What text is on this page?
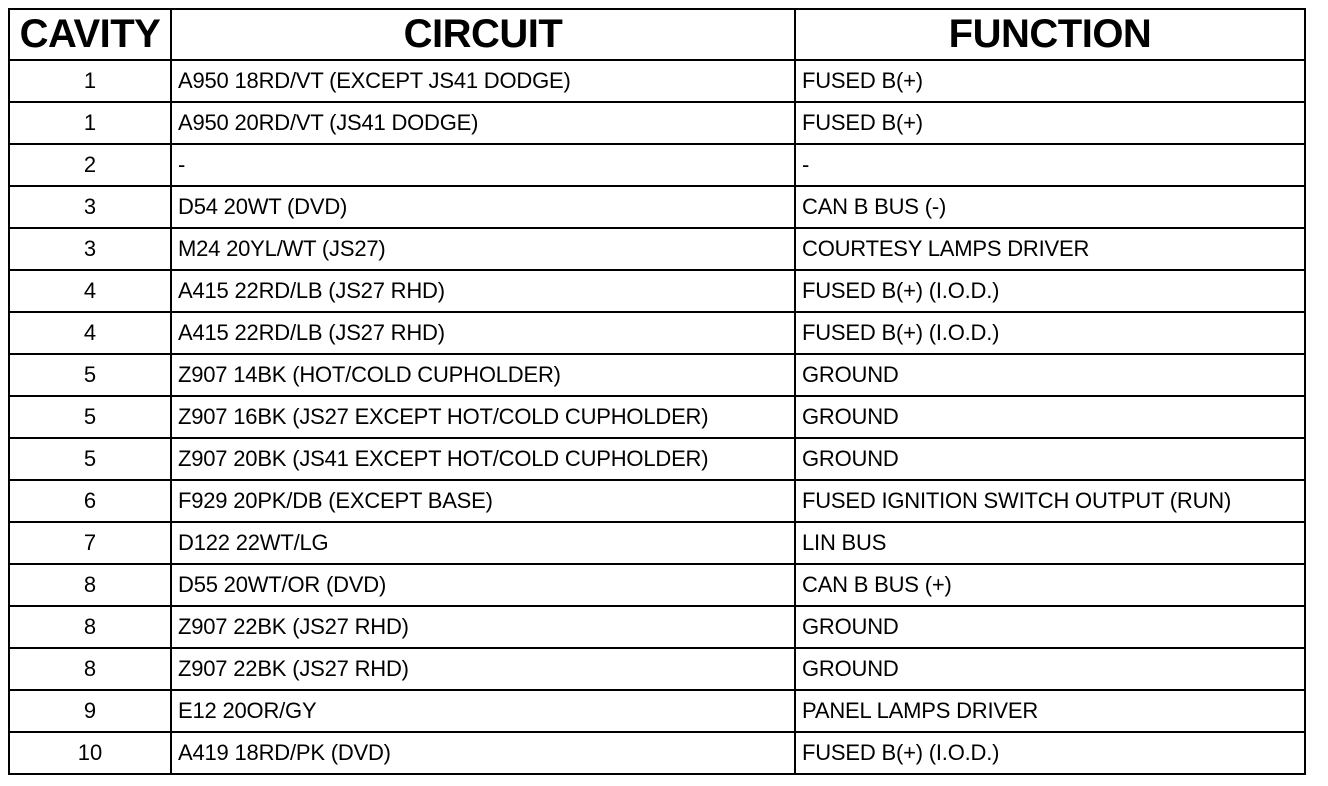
CAVITY	CIRCUIT	FUNCTION
1	A950 18RD/VT (EXCEPT JS41 DODGE)	FUSED B(+)
1	A950 20RD/VT (JS41 DODGE)	FUSED B(+)
2	-	-
3	D54 20WT (DVD)	CAN B BUS (-)
3	M24 20YL/WT (JS27)	COURTESY LAMPS DRIVER
4	A415 22RD/LB (JS27 RHD)	FUSED B(+) (I.O.D.)
4	A415 22RD/LB (JS27 RHD)	FUSED B(+) (I.O.D.)
5	Z907 14BK (HOT/COLD CUPHOLDER)	GROUND
5	Z907 16BK (JS27 EXCEPT HOT/COLD CUPHOLDER)	GROUND
5	Z907 20BK (JS41 EXCEPT HOT/COLD CUPHOLDER)	GROUND
6	F929 20PK/DB (EXCEPT BASE)	FUSED IGNITION SWITCH OUTPUT (RUN)
7	D122 22WT/LG	LIN BUS
8	D55 20WT/OR (DVD)	CAN B BUS (+)
8	Z907 22BK (JS27 RHD)	GROUND
8	Z907 22BK (JS27 RHD)	GROUND
9	E12 20OR/GY	PANEL LAMPS DRIVER
10	A419 18RD/PK (DVD)	FUSED B(+) (I.O.D.)
